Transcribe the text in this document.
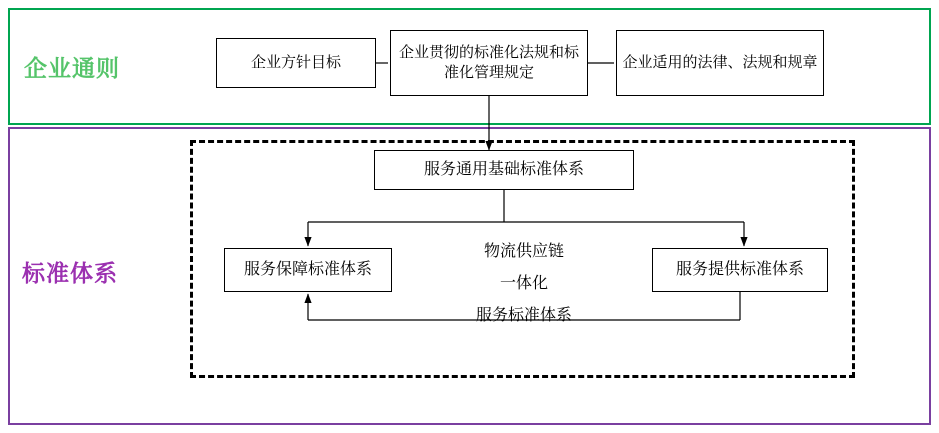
企业通则
标准体系
企业方针目标
企业贯彻的标准化法规和标准化管理规定
企业适用的法律、法规和规章
服务通用基础标准体系
服务保障标准体系	服务提供标准体系
物流供应链
一体化
服务标准体系
